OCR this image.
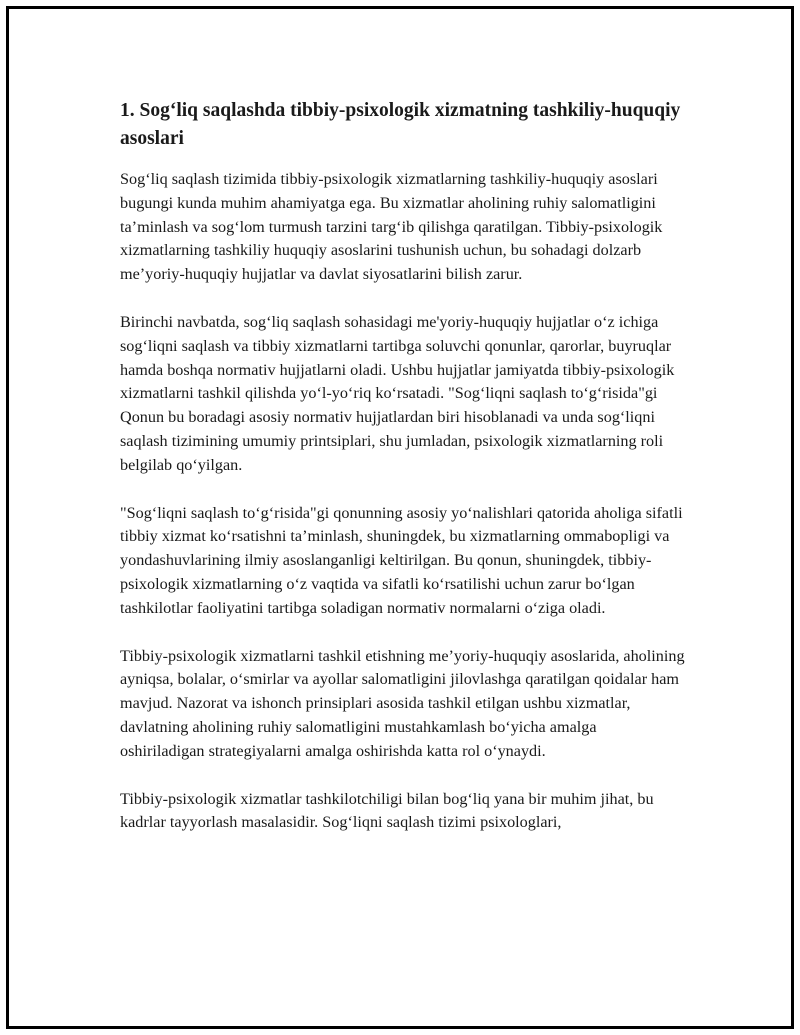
1. Sog‘liq saqlashda tibbiy-psixologik xizmatning tashkiliy-huquqiy asoslari

Sog‘liq saqlash tizimida tibbiy-psixologik xizmatlarning tashkiliy-huquqiy asoslari bugungi kunda muhim ahamiyatga ega. Bu xizmatlar aholining ruhiy salomatligini ta’minlash va sog‘lom turmush tarzini targ‘ib qilishga qaratilgan. Tibbiy-psixologik xizmatlarning tashkiliy huquqiy asoslarini tushunish uchun, bu sohadagi dolzarb me’yoriy-huquqiy hujjatlar va davlat siyosatlarini bilish zarur.

Birinchi navbatda, sog‘liq saqlash sohasidagi me'yoriy-huquqiy hujjatlar o‘z ichiga sog‘liqni saqlash va tibbiy xizmatlarni tartibga soluvchi qonunlar, qarorlar, buyruqlar hamda boshqa normativ hujjatlarni oladi. Ushbu hujjatlar jamiyatda tibbiy-psixologik xizmatlarni tashkil qilishda yo‘l-yo‘riq ko‘rsatadi. "Sog‘liqni saqlash to‘g‘risida"gi Qonun bu boradagi asosiy normativ hujjatlardan biri hisoblanadi va unda sog‘liqni saqlash tizimining umumiy printsiplari, shu jumladan, psixologik xizmatlarning roli belgilab qo‘yilgan.

"Sog‘liqni saqlash to‘g‘risida"gi qonunning asosiy yo‘nalishlari qatorida aholiga sifatli tibbiy xizmat ko‘rsatishni ta’minlash, shuningdek, bu xizmatlarning ommabopligi va yondashuvlarining ilmiy asoslanganligi keltirilgan. Bu qonun, shuningdek, tibbiy-psixologik xizmatlarning o‘z vaqtida va sifatli ko‘rsatilishi uchun zarur bo‘lgan tashkilotlar faoliyatini tartibga soladigan normativ normalarni o‘ziga oladi.

Tibbiy-psixologik xizmatlarni tashkil etishning me’yoriy-huquqiy asoslarida, aholining ayniqsa, bolalar, o‘smirlar va ayollar salomatligini jilovlashga qaratilgan qoidalar ham mavjud. Nazorat va ishonch prinsiplari asosida tashkil etilgan ushbu xizmatlar, davlatning aholining ruhiy salomatligini mustahkamlash bo‘yicha amalga oshiriladigan strategiyalarni amalga oshirishda katta rol o‘ynaydi.

Tibbiy-psixologik xizmatlar tashkilotchiligi bilan bog‘liq yana bir muhim jihat, bu kadrlar tayyorlash masalasidir. Sog‘liqni saqlash tizimi psixologlari,
